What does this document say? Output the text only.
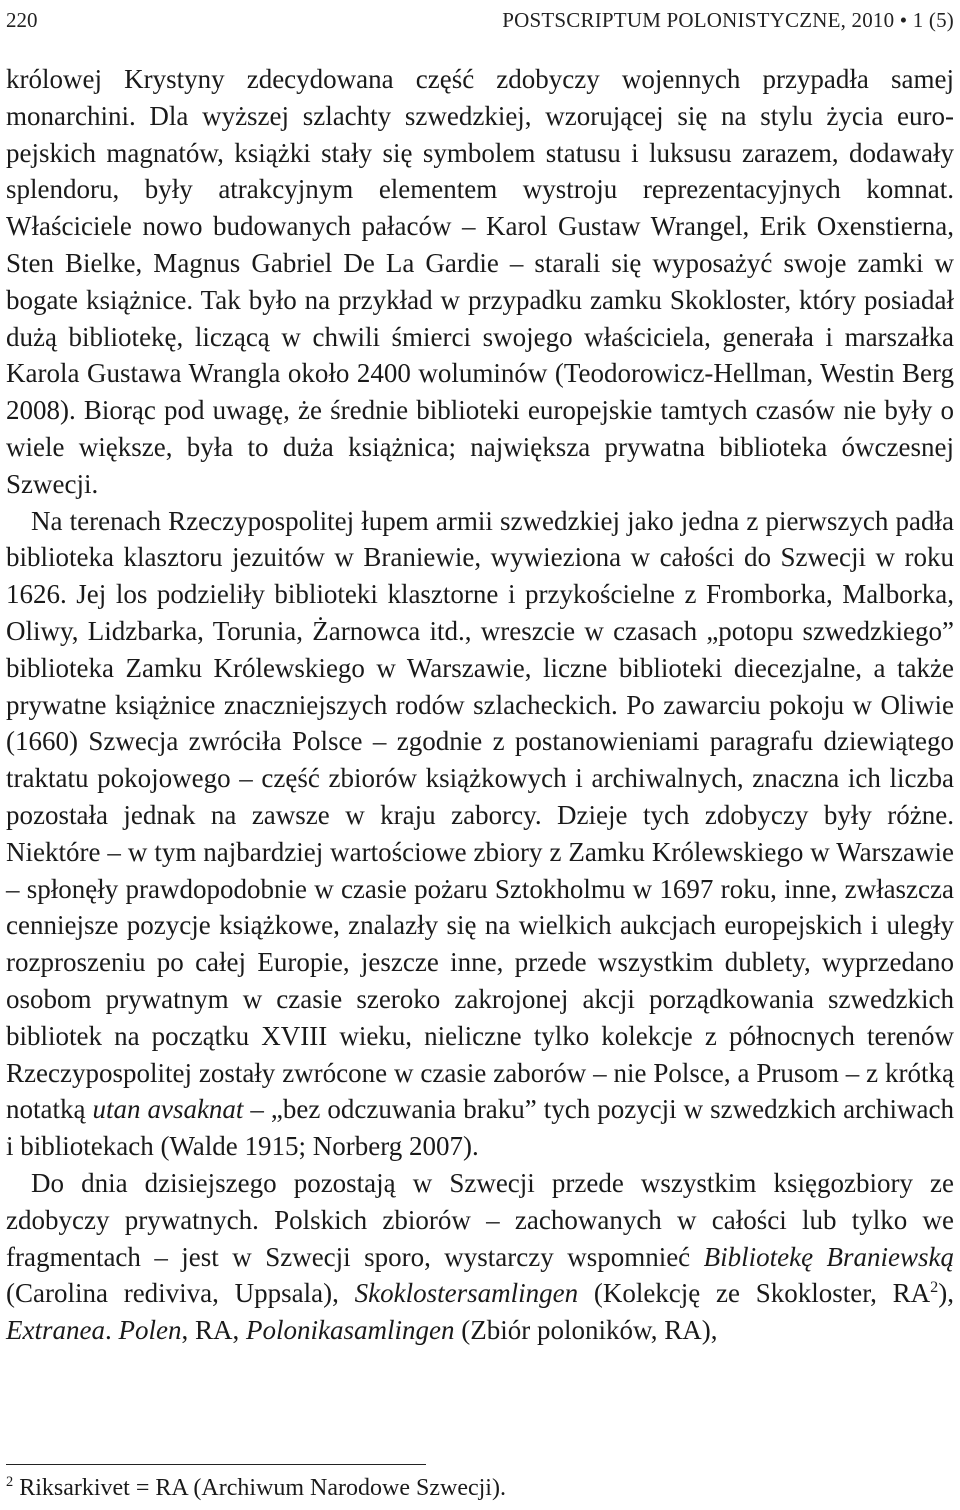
220	POSTSCRIPTUM POLONISTYCZNE, 2010 • 1 (5)

królowej Krystyny zdecydowana część zdobyczy wojennych przypadła samej monarchini. Dla wyższej szlachty szwedzkiej, wzorującej się na stylu życia europejskich magnatów, książki stały się symbolem statusu i luksusu zarazem, dodawały splendoru, były atrakcyjnym elementem wystroju reprezentacyjnych komnat. Właściciele nowo budowanych pałaców – Karol Gustaw Wrangel, Erik Oxenstierna, Sten Bielke, Magnus Gabriel De La Gardie – starali się wyposażyć swoje zamki w bogate książnice. Tak było na przykład w przypadku zamku Skokloster, który posiadał dużą bibliotekę, liczącą w chwili śmierci swojego właściciela, generała i marszałka Karola Gustawa Wrangla około 2400 woluminów (Teodorowicz-Hellman, Westin Berg 2008). Biorąc pod uwagę, że średnie biblioteki europejskie tamtych czasów nie były o wiele większe, była to duża książnica; największa prywatna biblioteka ówczesnej Szwecji.

Na terenach Rzeczypospolitej łupem armii szwedzkiej jako jedna z pierwszych padła biblioteka klasztoru jezuitów w Braniewie, wywieziona w całości do Szwecji w roku 1626. Jej los podzieliły biblioteki klasztorne i przykościelne z Fromborka, Malborka, Oliwy, Lidzbarka, Torunia, Żarnowca itd., wreszcie w czasach „potopu szwedzkiego” biblioteka Zamku Królewskiego w Warszawie, liczne biblioteki diecezjalne, a także prywatne książnice znaczniejszych rodów szlacheckich. Po zawarciu pokoju w Oliwie (1660) Szwecja zwróciła Polsce – zgodnie z postanowieniami paragrafu dziewiątego traktatu pokojowego – część zbiorów książkowych i archiwalnych, znaczna ich liczba pozostała jednak na zawsze w kraju zaborcy. Dzieje tych zdobyczy były różne. Niektóre – w tym najbardziej wartościowe zbiory z Zamku Królewskiego w Warszawie – spłonęły prawdopodobnie w czasie pożaru Sztokholmu w 1697 roku, inne, zwłaszcza cenniejsze pozycje książkowe, znalazły się na wielkich aukcjach europejskich i uległy rozproszeniu po całej Europie, jeszcze inne, przede wszystkim dublety, wyprzedano osobom prywatnym w czasie szeroko zakrojonej akcji porządkowania szwedzkich bibliotek na początku XVIII wieku, nieliczne tylko kolekcje z północnych terenów Rzeczypospolitej zostały zwrócone w czasie zaborów – nie Polsce, a Prusom – z krótką notatką utan avsaknat – „bez odczuwania braku” tych pozycji w szwedzkich archiwach i bibliotekach (Walde 1915; Norberg 2007).

Do dnia dzisiejszego pozostają w Szwecji przede wszystkim księgozbiory ze zdobyczy prywatnych. Polskich zbiorów – zachowanych w całości lub tylko we fragmentach – jest w Szwecji sporo, wystarczy wspomnieć Bibliotekę Braniewską (Carolina rediviva, Uppsala), Skoklostersamlingen (Kolekcję ze Skokloster, $RA^2$), Extranea. Polen, RA, Polonikasamlingen (Zbiór poloników, RA),

$^2$ Riksarkivet = RA (Archiwum Narodowe Szwecji).
